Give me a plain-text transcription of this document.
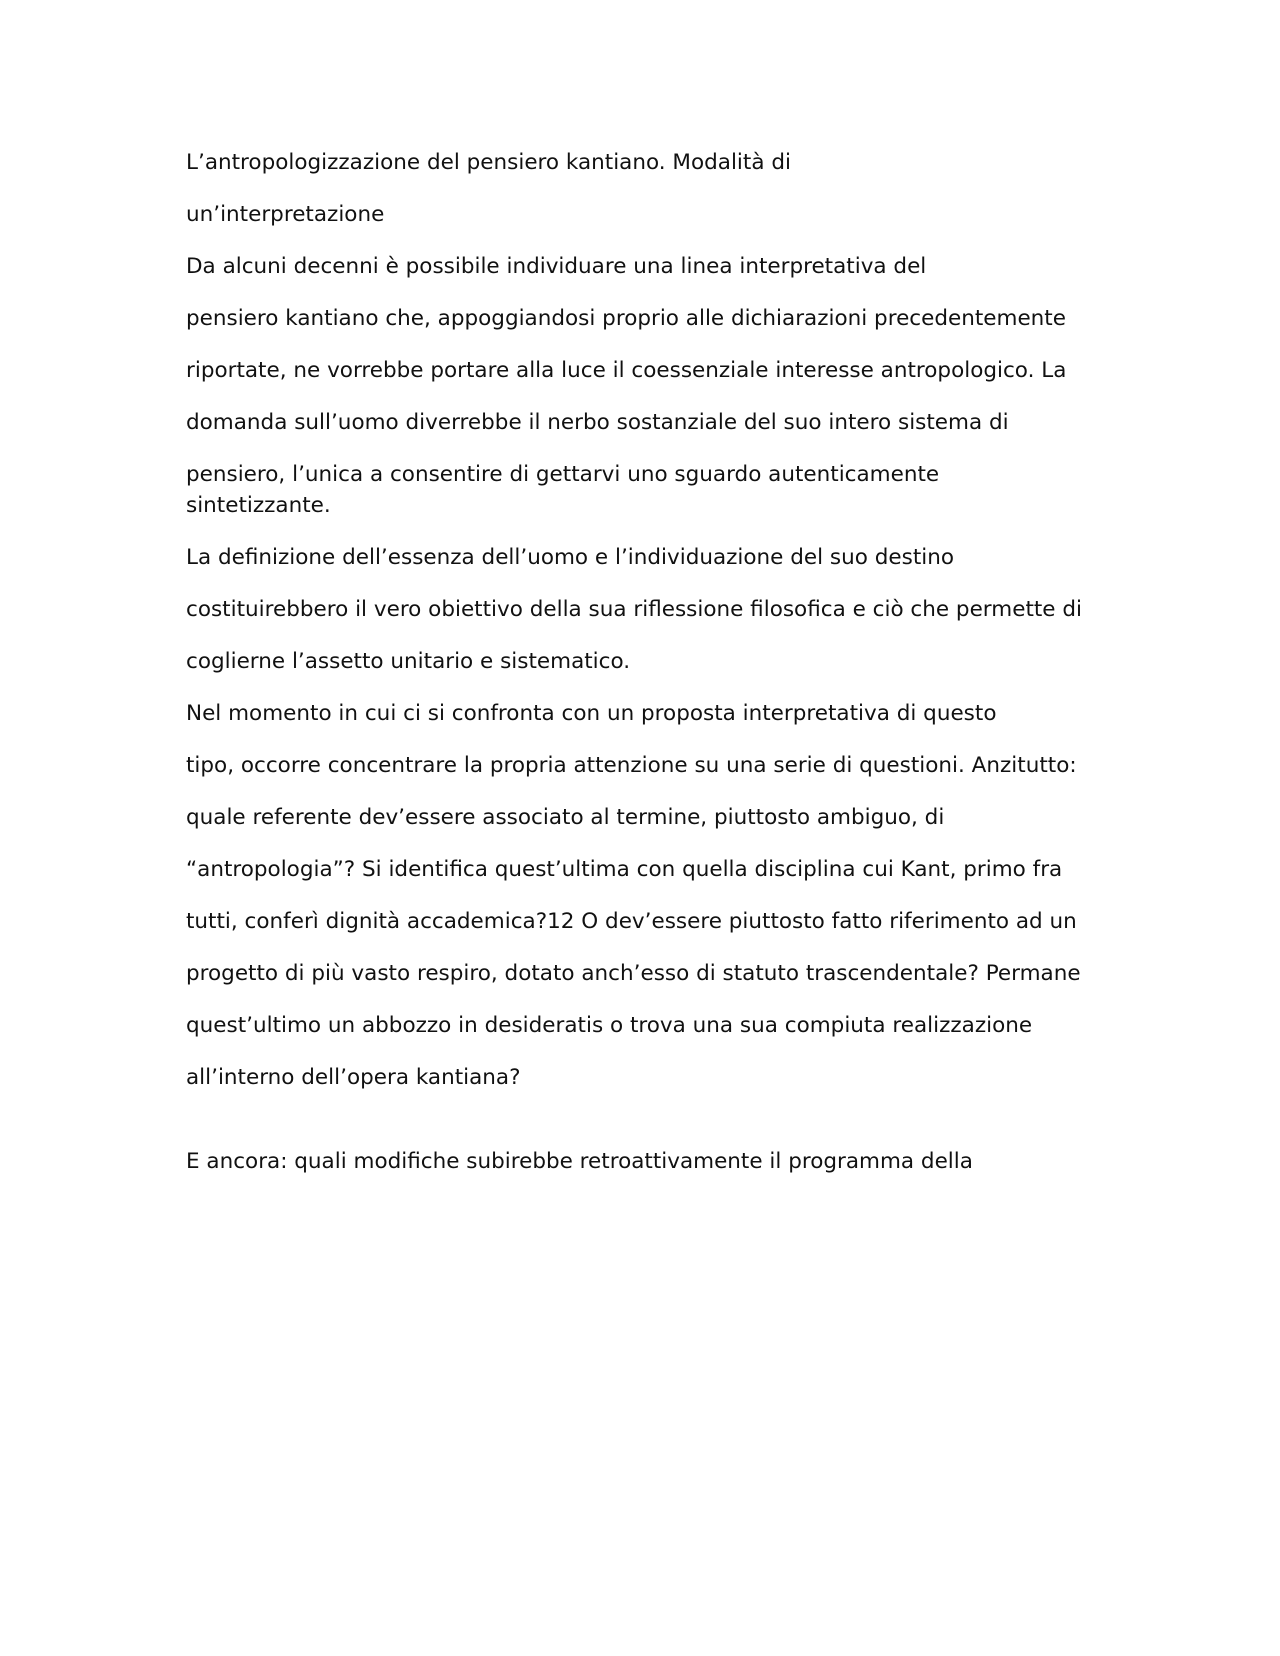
L’antropologizzazione del pensiero kantiano. Modalità di

un’interpretazione

Da alcuni decenni è possibile individuare una linea interpretativa del

pensiero kantiano che, appoggiandosi proprio alle dichiarazioni precedentemente

riportate, ne vorrebbe portare alla luce il coessenziale interesse antropologico. La

domanda sull’uomo diverrebbe il nerbo sostanziale del suo intero sistema di

pensiero, l’unica a consentire di gettarvi uno sguardo autenticamente sintetizzante.

La definizione dell’essenza dell’uomo e l’individuazione del suo destino

costituirebbero il vero obiettivo della sua riflessione filosofica e ciò che permette di

coglierne l’assetto unitario e sistematico.

Nel momento in cui ci si confronta con un proposta interpretativa di questo

tipo, occorre concentrare la propria attenzione su una serie di questioni. Anzitutto:

quale referente dev’essere associato al termine, piuttosto ambiguo, di

“antropologia”? Si identifica quest’ultima con quella disciplina cui Kant, primo fra

tutti, conferì dignità accademica?12 O dev’essere piuttosto fatto riferimento ad un

progetto di più vasto respiro, dotato anch’esso di statuto trascendentale? Permane

quest’ultimo un abbozzo in desideratis o trova una sua compiuta realizzazione

all’interno dell’opera kantiana?

E ancora: quali modifiche subirebbe retroattivamente il programma della
